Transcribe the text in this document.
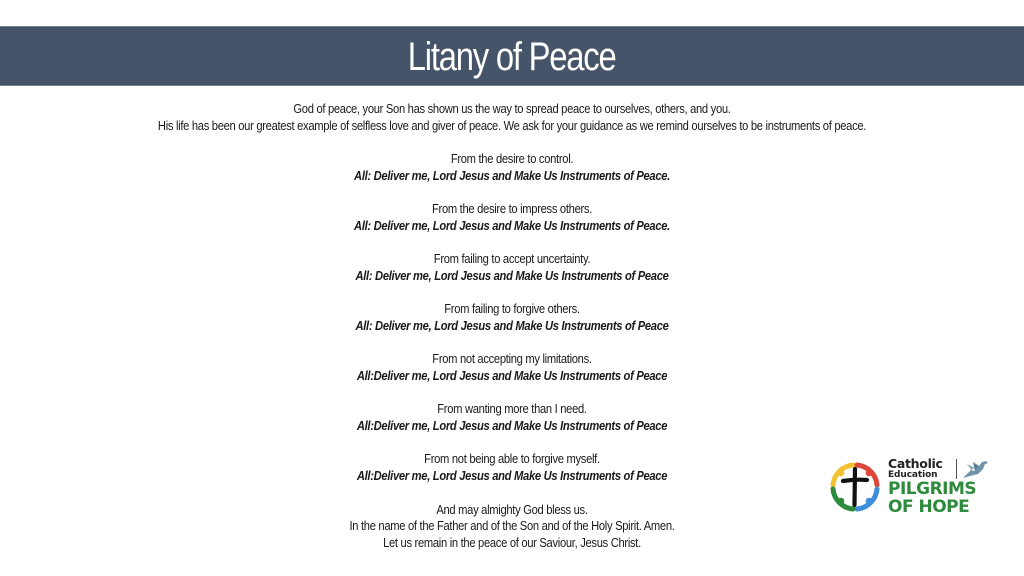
Litany of Peace
God of peace, your Son has shown us the way to spread peace to ourselves, others, and you.
His life has been our greatest example of selfless love and giver of peace. We ask for your guidance as we remind ourselves to be instruments of peace.
From the desire to control.
All: Deliver me, Lord Jesus and Make Us Instruments of Peace.
From the desire to impress others.
All: Deliver me, Lord Jesus and Make Us Instruments of Peace.
From failing to accept uncertainty.
All: Deliver me, Lord Jesus and Make Us Instruments of Peace
From failing to forgive others.
All: Deliver me, Lord Jesus and Make Us Instruments of Peace
From not accepting my limitations.
All:Deliver me, Lord Jesus and Make Us Instruments of Peace
From wanting more than I need.
All:Deliver me, Lord Jesus and Make Us Instruments of Peace
From not being able to forgive myself.
All:Deliver me, Lord Jesus and Make Us Instruments of Peace
And may almighty God bless us.
In the name of the Father and of the Son and of the Holy Spirit. Amen.
Let us remain in the peace of our Saviour, Jesus Christ.
Catholic
Education
PILGRIMS
OF HOPE
